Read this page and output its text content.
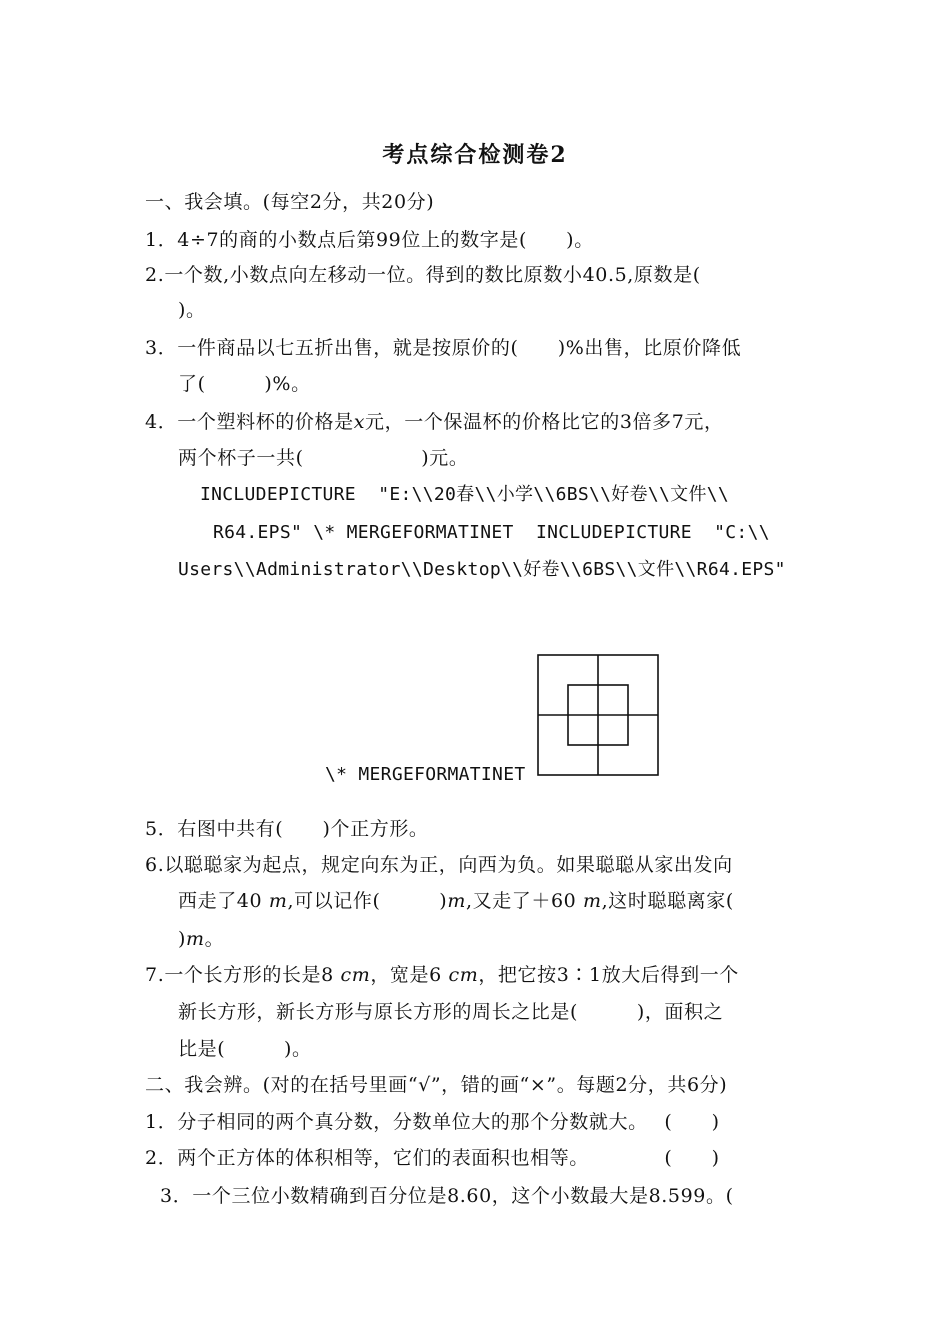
考点综合检测卷2
一、我会填。(每空2分，共20分)
1．4÷7的商的小数点后第99位上的数字是(　　)。
2.一个数,小数点向左移动一位。得到的数比原数小40.5,原数是(
)。
3．一件商品以七五折出售，就是按原价的(　　)%出售，比原价降低
了(　　　)%。
4．一个塑料杯的价格是x元，一个保温杯的价格比它的3倍多7元，
两个杯子一共(　　　　　　)元。
INCLUDEPICTURE  "E:\\20春\\小学\\6BS\\好卷\\文件\\
R64.EPS" \* MERGEFORMATINET  INCLUDEPICTURE  "C:\\
Users\\Administrator\\Desktop\\好卷\\6BS\\文件\\R64.EPS"
\* MERGEFORMATINET
5．右图中共有(　　)个正方形。
6.以聪聪家为起点，规定向东为正，向西为负。如果聪聪从家出发向
西走了40 m,可以记作(　　　)m,又走了＋60 m,这时聪聪离家(
)m。
7.一个长方形的长是8 cm，宽是6 cm，把它按3∶1放大后得到一个
新长方形，新长方形与原长方形的周长之比是(　　　)，面积之
比是(　　　)。
二、我会辨。(对的在括号里画“√”，错的画“×”。每题2分，共6分)
1．分子相同的两个真分数，分数单位大的那个分数就大。　 (　　)
2．两个正方体的体积相等，它们的表面积也相等。　　　　 (　　)
3．一个三位小数精确到百分位是8.60，这个小数最大是8.599。(
